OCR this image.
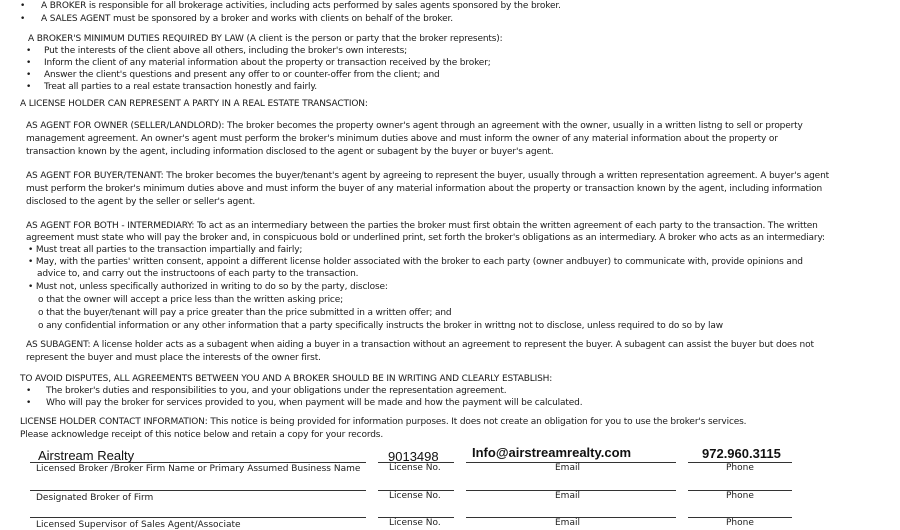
• A BROKER is responsible for all brokerage activities, including acts performed by sales agents sponsored by the broker.
• A SALES AGENT must be sponsored by a broker and works with clients on behalf of the broker.
A BROKER'S MINIMUM DUTIES REQUIRED BY LAW (A client is the person or party that the broker represents):
• Put the interests of the client above all others, including the broker's own interests;
• Inform the client of any material information about the property or transaction received by the broker;
• Answer the client's questions and present any offer to or counter-offer from the client; and
• Treat all parties to a real estate transaction honestly and fairly.
A LICENSE HOLDER CAN REPRESENT A PARTY IN A REAL ESTATE TRANSACTION:
AS AGENT FOR OWNER (SELLER/LANDLORD): The broker becomes the property owner's agent through an agreement with the owner, usually in a written listng to sell or property
management agreement. An owner's agent must perform the broker's minimum duties above and must inform the owner of any material information about the property or
transaction known by the agent, including information disclosed to the agent or subagent by the buyer or buyer's agent.
AS AGENT FOR BUYER/TENANT: The broker becomes the buyer/tenant's agent by agreeing to represent the buyer, usually through a written representation agreement. A buyer's agent
must perform the broker's minimum duties above and must inform the buyer of any material information about the property or transaction known by the agent, including information
disclosed to the agent by the seller or seller's agent.
AS AGENT FOR BOTH - INTERMEDIARY: To act as an intermediary between the parties the broker must first obtain the written agreement of each party to the transaction. The written
agreement must state who will pay the broker and, in conspicuous bold or underlined print, set forth the broker's obligations as an intermediary. A broker who acts as an intermediary:
• Must treat all parties to the transaction impartially and fairly;
• May, with the parties' written consent, appoint a different license holder associated with the broker to each party (owner andbuyer) to communicate with, provide opinions and
advice to, and carry out the instructoons of each party to the transaction.
• Must not, unless specifically authorized in writing to do so by the party, disclose:
o that the owner will accept a price less than the written asking price;
o that the buyer/tenant will pay a price greater than the price submitted in a written offer; and
o any confidential information or any other information that a party specifically instructs the broker in writtng not to disclose, unless required to do so by law
AS SUBAGENT: A license holder acts as a subagent when aiding a buyer in a transaction without an agreement to represent the buyer. A subagent can assist the buyer but does not
represent the buyer and must place the interests of the owner first.
TO AVOID DISPUTES, ALL AGREEMENTS BETWEEN YOU AND A BROKER SHOULD BE IN WRITING AND CLEARLY ESTABLISH:
• The broker's duties and responsibilities to you, and your obligations under the representation agreement.
• Who will pay the broker for services provided to you, when payment will be made and how the payment will be calculated.
LICENSE HOLDER CONTACT INFORMATION: This notice is being provided for information purposes. It does not create an obligation for you to use the broker's services.
Please acknowledge receipt of this notice below and retain a copy for your records.
Airstream Realty	9013498	Info@airstreamrealty.com	972.960.3115
Licensed Broker /Broker Firm Name or Primary Assumed Business Name	License No.	Email	Phone
Designated Broker of Firm	License No.	Email	Phone
Licensed Supervisor of Sales Agent/Associate	License No.	Email	Phone
